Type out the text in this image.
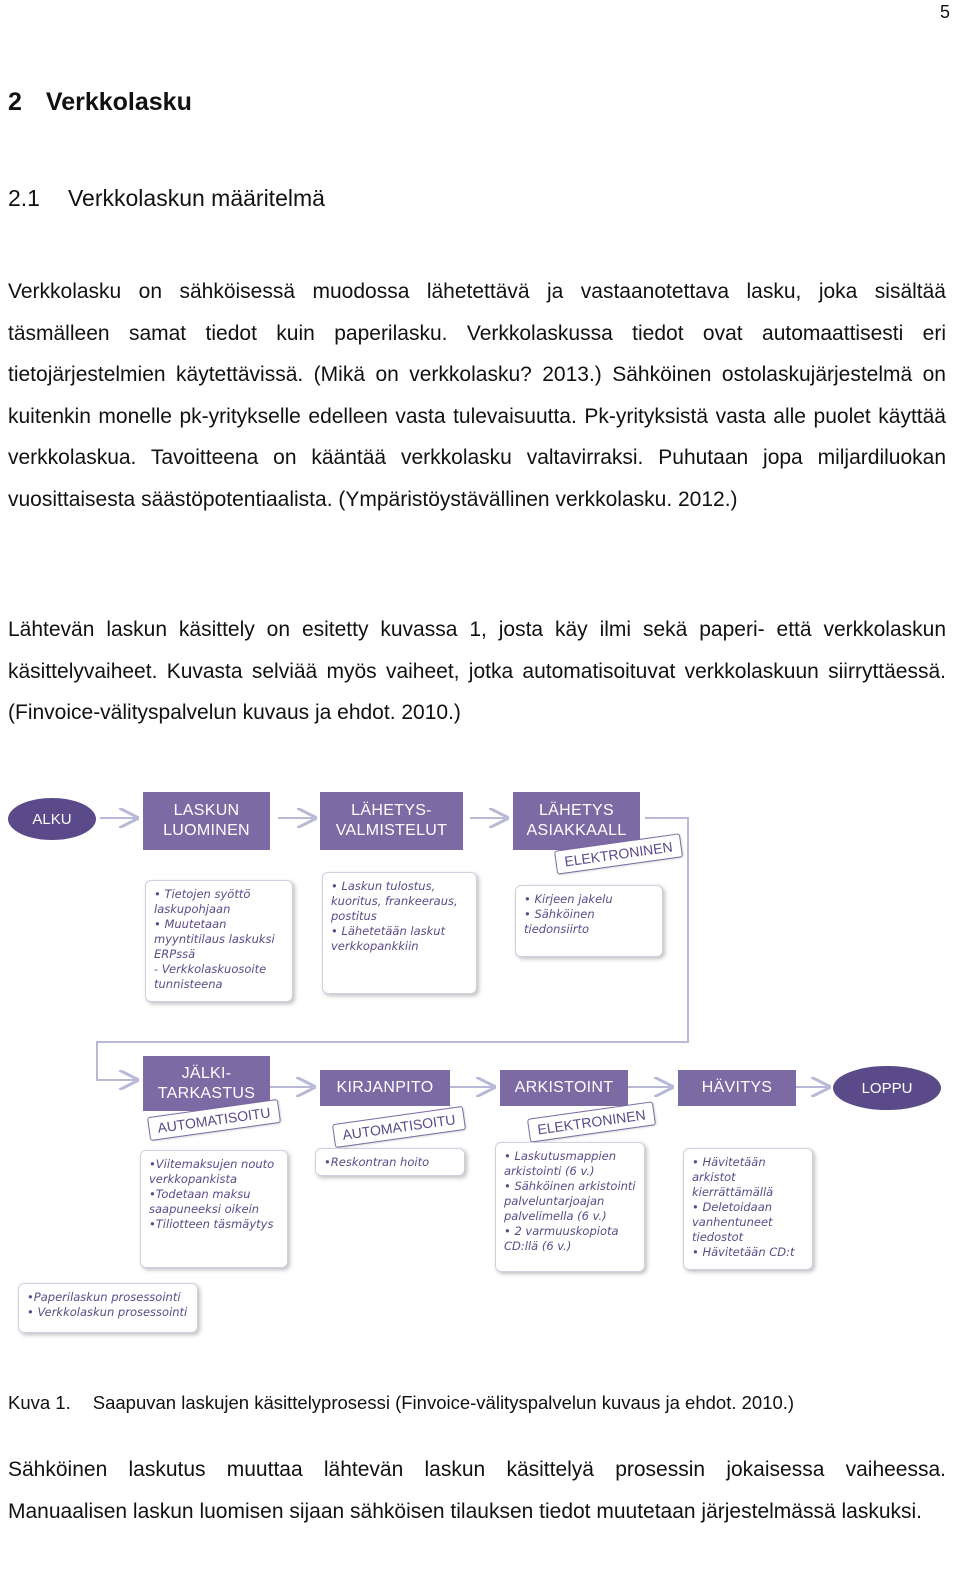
5
2 Verkkolasku
2.1 Verkkolaskun määritelmä

Verkkolasku on sähköisessä muodossa lähetettävä ja vastaanotettava lasku, joka sisältää täsmälleen samat tiedot kuin paperilasku. Verkkolaskussa tiedot ovat automaattisesti eri tietojärjestelmien käytettävissä. (Mikä on verkkolasku? 2013.) Sähköinen ostolaskujärjestelmä on kuitenkin monelle pk-yritykselle edelleen vasta tulevaisuutta. Pk-yrityksistä vasta alle puolet käyttää verkkolaskua. Tavoitteena on kääntää verkkolasku valtavirraksi. Puhutaan jopa miljardiluokan vuosittaisesta säästöpotentiaalista. (Ympäristöystävällinen verkkolasku. 2012.)

Lähtevän laskun käsittely on esitetty kuvassa 1, josta käy ilmi sekä paperi- että verkkolaskun käsittelyvaiheet. Kuvasta selviää myös vaiheet, jotka automatisoituvat verkkolaskuun siirryttäessä. (Finvoice-välityspalvelun kuvaus ja ehdot. 2010.)

ALKU	LASKUN LUOMINEN
LÄHETYS-VALMISTELUT
LÄHETYS ASIAKKAALL
ELEKTRONINEN
• Tietojen syöttö laskupohjaan
• Muutetaan myyntitilaus laskuksi ERPssä
- Verkkolaskuosoite tunnisteena
• Laskun tulostus, kuoritus, frankeeraus, postitus
• Lähetetään laskut verkkopankkiin
• Kirjeen jakelu
• Sähköinen tiedonsiirto
JÄLKI-TARKASTUS
AUTOMATISOITU
KIRJANPITO
AUTOMATISOITU
ARKISTOINT
ELEKTRONINEN
HÄVITYS	LOPPU
•Viitemaksujen nouto verkkopankista
•Todetaan maksu saapuneeksi oikein
•Tiliotteen täsmäytys
•Reskontran hoito	• Laskutusmappien arkistointi (6 v.)
• Sähköinen arkistointi palveluntarjoajan palvelimella (6 v.)
• 2 varmuuskopiota CD:llä (6 v.)
• Hävitetään arkistot kierrättämällä
• Deletoidaan vanhentuneet tiedostot
• Hävitetään CD:t
•Paperilaskun prosessointi
• Verkkolaskun prosessointi
Kuva 1. Saapuvan laskujen käsittelyprosessi (Finvoice-välityspalvelun kuvaus ja ehdot. 2010.)

Sähköinen laskutus muuttaa lähtevän laskun käsittelyä prosessin jokaisessa vaiheessa. Manuaalisen laskun luomisen sijaan sähköisen tilauksen tiedot muutetaan järjestelmässä laskuksi.
